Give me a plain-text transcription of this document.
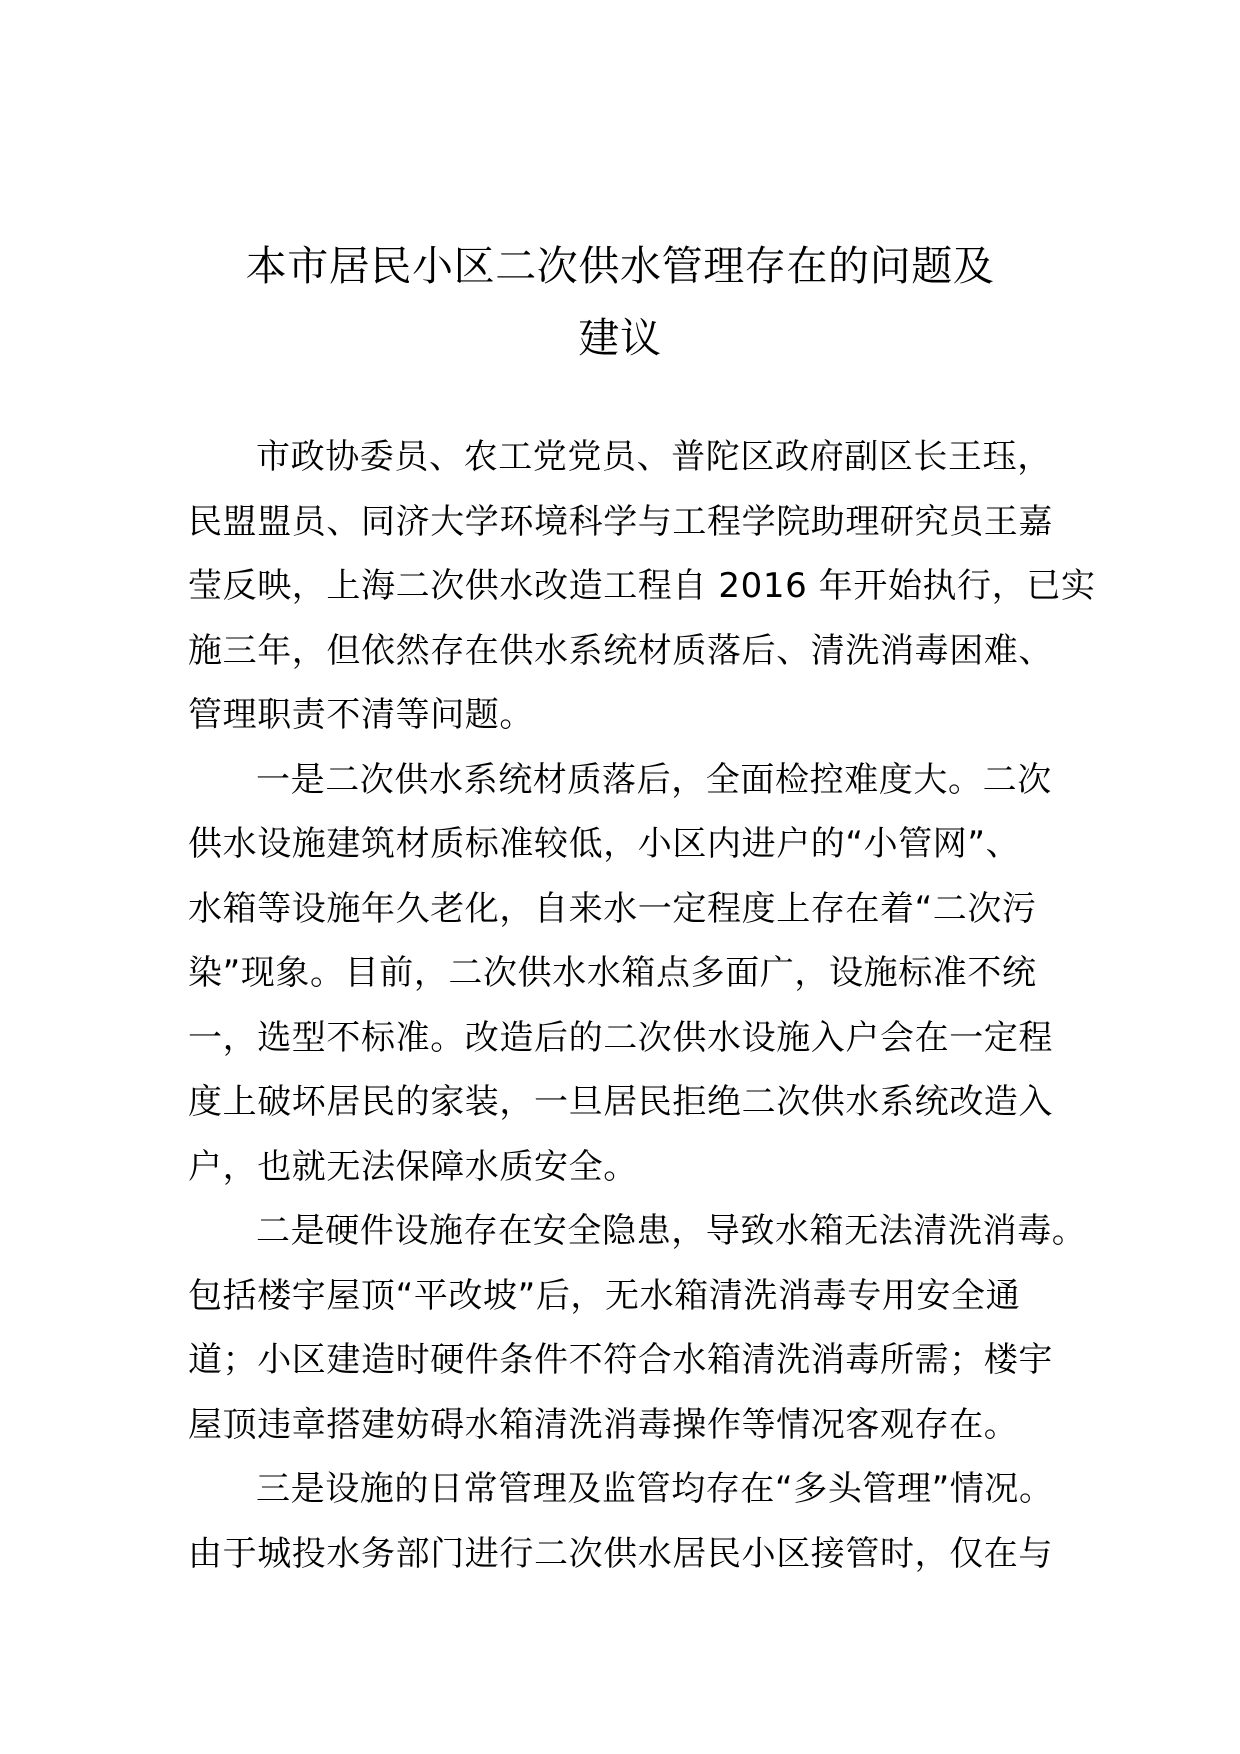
本市居民小区二次供水管理存在的问题及
建议
市政协委员、农工党党员、普陀区政府副区长王珏，
民盟盟员、同济大学环境科学与工程学院助理研究员王嘉
莹反映，上海二次供水改造工程自 2016 年开始执行，已实
施三年，但依然存在供水系统材质落后、清洗消毒困难、
管理职责不清等问题。
一是二次供水系统材质落后，全面检控难度大。二次
供水设施建筑材质标准较低，小区内进户的“小管网”、
水箱等设施年久老化，自来水一定程度上存在着“二次污
染”现象。目前，二次供水水箱点多面广，设施标准不统
一，选型不标准。改造后的二次供水设施入户会在一定程
度上破坏居民的家装，一旦居民拒绝二次供水系统改造入
户，也就无法保障水质安全。
二是硬件设施存在安全隐患，导致水箱无法清洗消毒。
包括楼宇屋顶“平改坡”后，无水箱清洗消毒专用安全通
道；小区建造时硬件条件不符合水箱清洗消毒所需；楼宇
屋顶违章搭建妨碍水箱清洗消毒操作等情况客观存在。
三是设施的日常管理及监管均存在“多头管理”情况。
由于城投水务部门进行二次供水居民小区接管时，仅在与
